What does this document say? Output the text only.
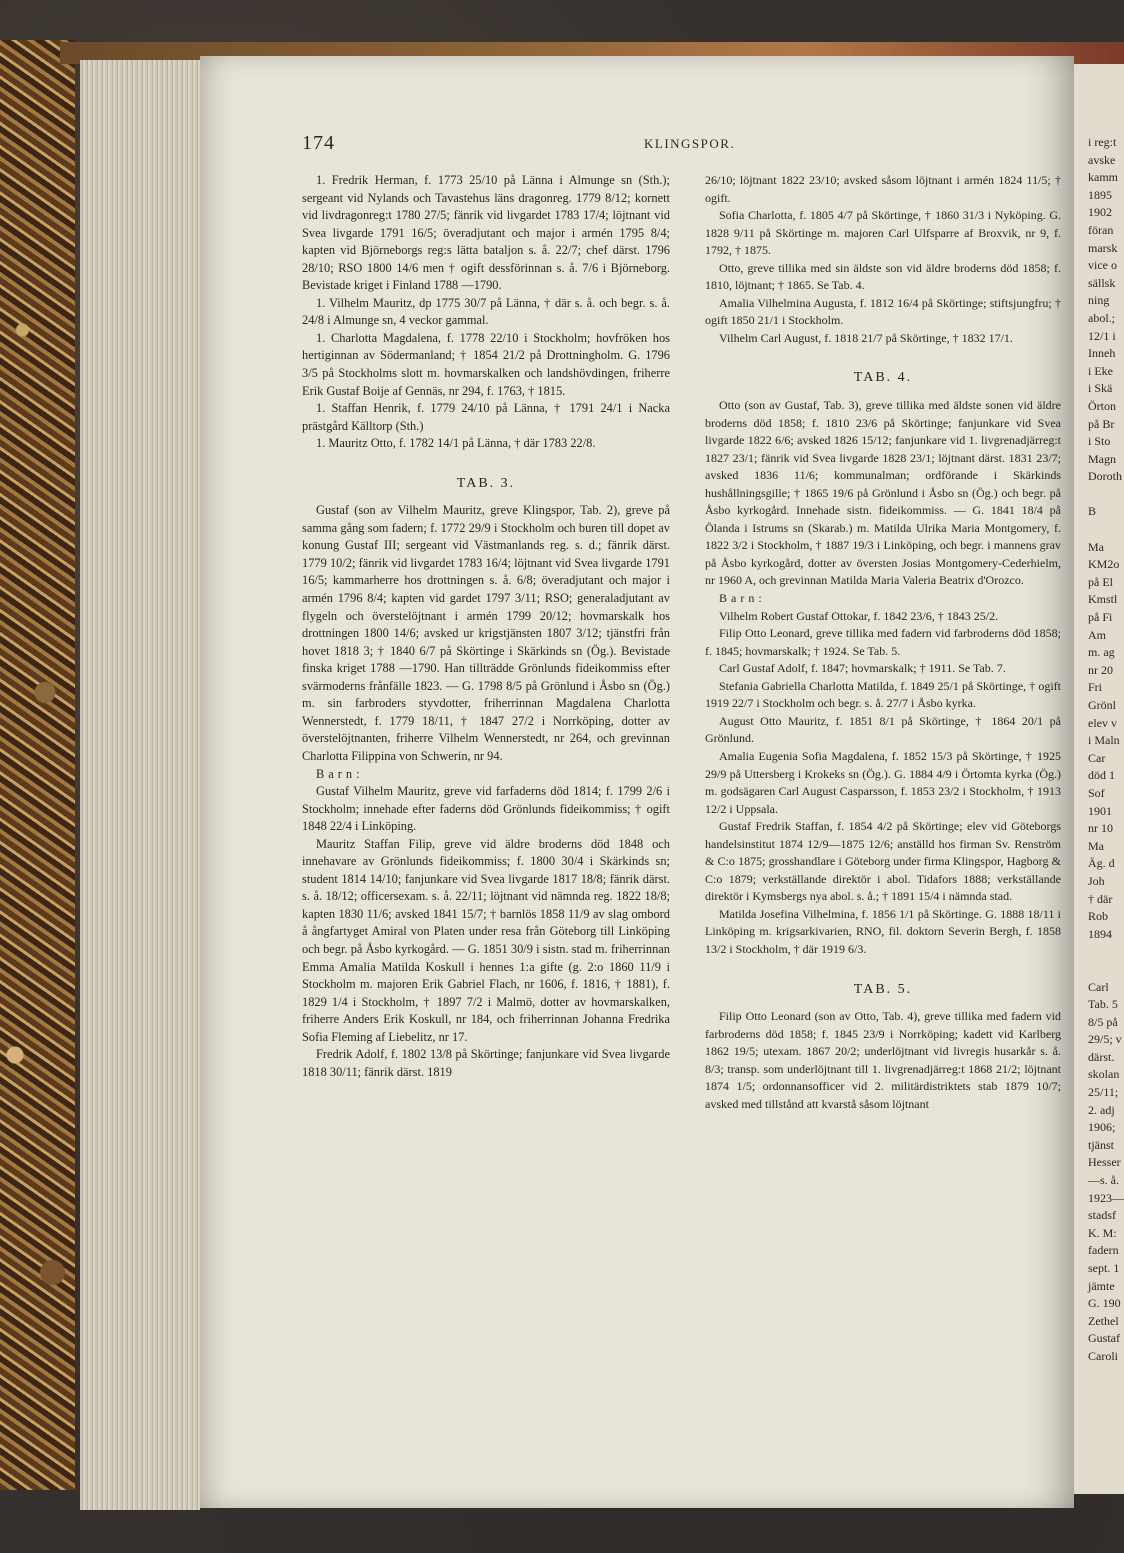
i reg:t
avske
kamm
1895
1902
föran
marsk
vice o
sällsk
ning
abol.;
12/1 i
Inneh
i Eke
i Skä
Örton
på Br
i Sto
Magn
Doroth

B

Ma
KM2o
på El
Kmstl
på Fi
Am
m. ag
nr 20
Fri
Grönl
elev v
i Maln
Car
död 1
Sof
1901
nr 10
Ma
Äg. d
Joh
† där
Rob
1894

Carl
Tab. 5
8/5 på
29/5; v
därst.
skolan
25/11;
2. adj
1906;
tjänst
Hesser
—s. å.
1923—
stadsf
K. M:
fadern
sept. 1
jämte
G. 190
Zethel
Gustaf
Caroli
174	KLINGSPOR.

1. Fredrik Herman, f. 1773 25/10 på Länna i Almunge sn (Sth.); sergeant vid Nylands och Tavastehus läns dragonreg. 1779 8/12; kornett vid livdragonreg:t 1780 27/5; fänrik vid livgardet 1783 17/4; löjtnant vid Svea livgarde 1791 16/5; överadjutant och major i armén 1795 8/4; kapten vid Björneborgs reg:s lätta bataljon s. å. 22/7; chef därst. 1796 28/10; RSO 1800 14/6 men † ogift dessförinnan s. å. 7/6 i Björneborg. Bevistade kriget i Finland 1788 —1790.

1. Vilhelm Mauritz, dp 1775 30/7 på Länna, † där s. å. och begr. s. å. 24/8 i Almunge sn, 4 veckor gammal.

1. Charlotta Magdalena, f. 1778 22/10 i Stockholm; hovfröken hos hertiginnan av Södermanland; † 1854 21/2 på Drottningholm. G. 1796 3/5 på Stockholms slott m. hovmarskalken och landshövdingen, friherre Erik Gustaf Boije af Gennäs, nr 294, f. 1763, † 1815.

1. Staffan Henrik, f. 1779 24/10 på Länna, † 1791 24/1 i Nacka prästgård Källtorp (Sth.)

1. Mauritz Otto, f. 1782 14/1 på Länna, † där 1783 22/8.

TAB. 3.

Gustaf (son av Vilhelm Mauritz, greve Klingspor, Tab. 2), greve på samma gång som fadern; f. 1772 29/9 i Stockholm och buren till dopet av konung Gustaf III; sergeant vid Västmanlands reg. s. d.; fänrik därst. 1779 10/2; fänrik vid livgardet 1783 16/4; löjtnant vid Svea livgarde 1791 16/5; kammarherre hos drottningen s. å. 6/8; överadjutant och major i armén 1796 8/4; kapten vid gardet 1797 3/11; RSO; generaladjutant av flygeln och överstelöjtnant i armén 1799 20/12; hovmarskalk hos drottningen 1800 14/6; avsked ur krigstjänsten 1807 3/12; tjänstfri från hovet 1818 3; † 1840 6/7 på Skörtinge i Skärkinds sn (Ög.). Bevistade finska kriget 1788 —1790. Han tillträdde Grönlunds fideikommiss efter svärmoderns frånfälle 1823. — G. 1798 8/5 på Grönlund i Åsbo sn (Ög.) m. sin farbroders styvdotter, friherrinnan Magdalena Charlotta Wennerstedt, f. 1779 18/11, † 1847 27/2 i Norrköping, dotter av överstelöjtnanten, friherre Vilhelm Wennerstedt, nr 264, och grevinnan Charlotta Filippina von Schwerin, nr 94.

Barn:

Gustaf Vilhelm Mauritz, greve vid farfaderns död 1814; f. 1799 2/6 i Stockholm; innehade efter faderns död Grönlunds fideikommiss; † ogift 1848 22/4 i Linköping.

Mauritz Staffan Filip, greve vid äldre broderns död 1848 och innehavare av Grönlunds fideikommiss; f. 1800 30/4 i Skärkinds sn; student 1814 14/10; fanjunkare vid Svea livgarde 1817 18/8; fänrik därst. s. å. 18/12; officersexam. s. å. 22/11; löjtnant vid nämnda reg. 1822 18/8; kapten 1830 11/6; avsked 1841 15/7; † barnlös 1858 11/9 av slag ombord å ångfartyget Amiral von Platen under resa från Göteborg till Linköping och begr. på Åsbo kyrkogård. — G. 1851 30/9 i sistn. stad m. friherrinnan Emma Amalia Matilda Koskull i hennes 1:a gifte (g. 2:o 1860 11/9 i Stockholm m. majoren Erik Gabriel Flach, nr 1606, f. 1816, † 1881), f. 1829 1/4 i Stockholm, † 1897 7/2 i Malmö, dotter av hovmarskalken, friherre Anders Erik Koskull, nr 184, och friherrinnan Johanna Fredrika Sofia Fleming af Liebelitz, nr 17.

Fredrik Adolf, f. 1802 13/8 på Skörtinge; fanjunkare vid Svea livgarde 1818 30/11; fänrik därst. 1819

26/10; löjtnant 1822 23/10; avsked såsom löjtnant i armén 1824 11/5; † ogift.

Sofia Charlotta, f. 1805 4/7 på Skörtinge, † 1860 31/3 i Nyköping. G. 1828 9/11 på Skörtinge m. majoren Carl Ulfsparre af Broxvik, nr 9, f. 1792, † 1875.

Otto, greve tillika med sin äldste son vid äldre broderns död 1858; f. 1810, löjtnant; † 1865. Se Tab. 4.

Amalia Vilhelmina Augusta, f. 1812 16/4 på Skörtinge; stiftsjungfru; † ogift 1850 21/1 i Stockholm.

Vilhelm Carl August, f. 1818 21/7 på Skörtinge, † 1832 17/1.

TAB. 4.

Otto (son av Gustaf, Tab. 3), greve tillika med äldste sonen vid äldre broderns död 1858; f. 1810 23/6 på Skörtinge; fanjunkare vid Svea livgarde 1822 6/6; avsked 1826 15/12; fanjunkare vid 1. livgrenadjärreg:t 1827 23/1; fänrik vid Svea livgarde 1828 23/1; löjtnant därst. 1831 23/7; avsked 1836 11/6; kommunalman; ordförande i Skärkinds hushållningsgille; † 1865 19/6 på Grönlund i Åsbo sn (Ög.) och begr. på Åsbo kyrkogård. Innehade sistn. fideikommiss. — G. 1841 18/4 på Ölanda i Istrums sn (Skarab.) m. Matilda Ulrika Maria Montgomery, f. 1822 3/2 i Stockholm, † 1887 19/3 i Linköping, och begr. i mannens grav på Åsbo kyrkogård, dotter av översten Josias Montgomery-Cederhielm, nr 1960 A, och grevinnan Matilda Maria Valeria Beatrix d'Orozco.

Barn:

Vilhelm Robert Gustaf Ottokar, f. 1842 23/6, † 1843 25/2.

Filip Otto Leonard, greve tillika med fadern vid farbroderns död 1858; f. 1845; hovmarskalk; † 1924. Se Tab. 5.

Carl Gustaf Adolf, f. 1847; hovmarskalk; † 1911. Se Tab. 7.

Stefania Gabriella Charlotta Matilda, f. 1849 25/1 på Skörtinge, † ogift 1919 22/7 i Stockholm och begr. s. å. 27/7 i Åsbo kyrka.

August Otto Mauritz, f. 1851 8/1 på Skörtinge, † 1864 20/1 på Grönlund.

Amalia Eugenia Sofia Magdalena, f. 1852 15/3 på Skörtinge, † 1925 29/9 på Uttersberg i Krokeks sn (Ög.). G. 1884 4/9 i Örtomta kyrka (Ög.) m. godsägaren Carl August Casparsson, f. 1853 23/2 i Stockholm, † 1913 12/2 i Uppsala.

Gustaf Fredrik Staffan, f. 1854 4/2 på Skörtinge; elev vid Göteborgs handelsinstitut 1874 12/9—1875 12/6; anställd hos firman Sv. Renström & C:o 1875; grosshandlare i Göteborg under firma Klingspor, Hagborg & C:o 1879; verkställande direktör i abol. Tidafors 1888; verkställande direktör i Kymsbergs nya abol. s. å.; † 1891 15/4 i nämnda stad.

Matilda Josefina Vilhelmina, f. 1856 1/1 på Skörtinge. G. 1888 18/11 i Linköping m. krigsarkivarien, RNO, fil. doktorn Severin Bergh, f. 1858 13/2 i Stockholm, † där 1919 6/3.

TAB. 5.

Filip Otto Leonard (son av Otto, Tab. 4), greve tillika med fadern vid farbroderns död 1858; f. 1845 23/9 i Norrköping; kadett vid Karlberg 1862 19/5; utexam. 1867 20/2; underlöjtnant vid livregis husarkår s. å. 8/3; transp. som underlöjtnant till 1. livgrenadjärreg:t 1868 21/2; löjtnant 1874 1/5; ordonnansofficer vid 2. militärdistriktets stab 1879 10/7; avsked med tillstånd att kvarstå såsom löjtnant
